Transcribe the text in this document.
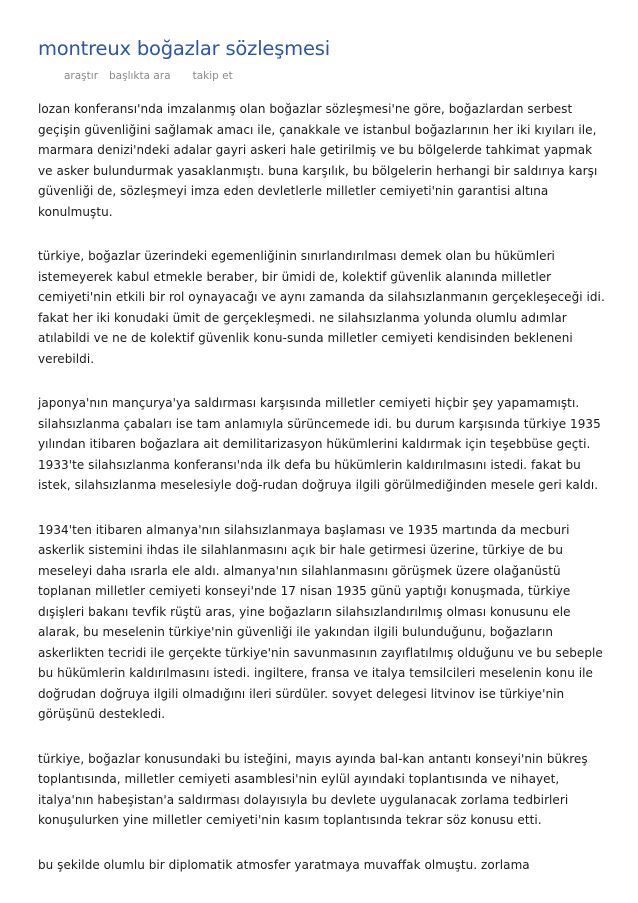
montreux boğazlar sözleşmesi
araştır başlıkta ara takip et

lozan konferansı'nda imzalanmış olan boğazlar sözleşmesi'ne göre, boğazlardan serbest geçişin güvenliğini sağlamak amacı ile, çanakkale ve istanbul boğazlarının her iki kıyıları ile, marmara denizi'ndeki adalar gayri askeri hale getirilmiş ve bu bölgelerde tahkimat yapmak ve asker bulundurmak yasaklanmıştı. buna karşılık, bu bölgelerin herhangi bir saldırıya karşı güvenliği de, sözleşmeyi imza eden devletlerle milletler cemiyeti'nin garantisi altına konulmuştu.

türkiye, boğazlar üzerindeki egemenliğinin sınırlandırılması demek olan bu hükümleri istemeyerek kabul etmekle beraber, bir ümidi de, kolektif güvenlik alanında milletler cemiyeti'nin etkili bir rol oynayacağı ve aynı zamanda da silahsızlanmanın gerçekleşeceği idi. fakat her iki konudaki ümit de gerçekleşmedi. ne silahsızlanma yolunda olumlu adımlar atılabildi ve ne de kolektif güvenlik konu-sunda milletler cemiyeti kendisinden bekleneni verebildi.

japonya'nın mançurya'ya saldırması karşısında milletler cemiyeti hiçbir şey yapamamıştı. silahsızlanma çabaları ise tam anlamıyla sürüncemede idi. bu durum karşısında türkiye 1935 yılından itibaren boğazlara ait demilitarizasyon hükümlerini kaldırmak için teşebbüse geçti. 1933'te silahsızlanma konferansı'nda ilk defa bu hükümlerin kaldırılmasını istedi. fakat bu istek, silahsızlanma meselesiyle doğ-rudan doğruya ilgili görülmediğinden mesele geri kaldı.

1934'ten itibaren almanya'nın silahsızlanmaya başlaması ve 1935 martında da mecburi askerlik sistemini ihdas ile silahlanmasını açık bir hale getirmesi üzerine, türkiye de bu meseleyi daha ısrarla ele aldı. almanya'nın silahlanmasını görüşmek üzere olağanüstü toplanan milletler cemiyeti konseyi'nde 17 nisan 1935 günü yaptığı konuşmada, türkiye dışişleri bakanı tevfik rüştü aras, yine boğazların silahsızlandırılmış olması konusunu ele alarak, bu meselenin türkiye'nin güvenliği ile yakından ilgili bulunduğunu, boğazların askerlikten tecridi ile gerçekte türkiye'nin savunmasının zayıflatılmış olduğunu ve bu sebeple bu hükümlerin kaldırılmasını istedi. ingiltere, fransa ve italya temsilcileri meselenin konu ile doğrudan doğruya ilgili olmadığını ileri sürdüler. sovyet delegesi litvinov ise türkiye'nin görüşünü destekledi.

türkiye, boğazlar konusundaki bu isteğini, mayıs ayında bal-kan antantı konseyi'nin bükreş toplantısında, milletler cemiyeti asamblesi'nin eylül ayındaki toplantısında ve nihayet, italya'nın habeşistan'a saldırması dolayısıyla bu devlete uygulanacak zorlama tedbirleri konuşulurken yine milletler cemiyeti'nin kasım toplantısında tekrar söz konusu etti.

bu şekilde olumlu bir diplomatik atmosfer yaratmaya muvaffak olmuştu. zorlama
